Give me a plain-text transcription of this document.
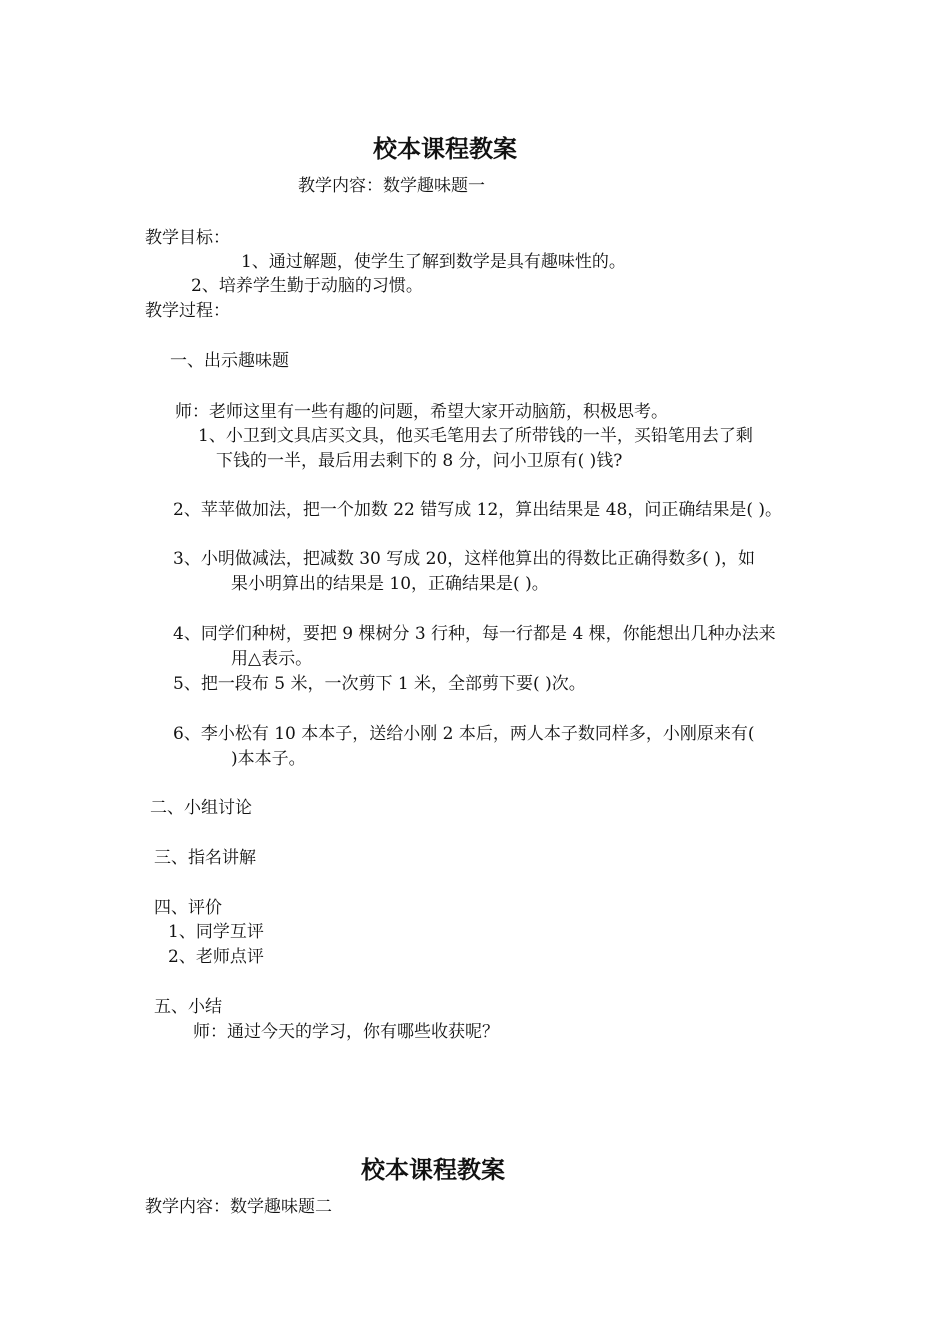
校本课程教案
教学内容：数学趣味题一
教学目标：
1、通过解题，使学生了解到数学是具有趣味性的。
2、培养学生勤于动脑的习惯。
教学过程：
一、出示趣味题
师：老师这里有一些有趣的问题，希望大家开动脑筋，积极思考。
1、小卫到文具店买文具，他买毛笔用去了所带钱的一半，买铅笔用去了剩
下钱的一半，最后用去剩下的 8 分，问小卫原有( )钱?
2、苹苹做加法，把一个加数 22 错写成 12，算出结果是 48，问正确结果是( )。
3、小明做减法，把减数 30 写成 20，这样他算出的得数比正确得数多( )，如
果小明算出的结果是 10，正确结果是( )。
4、同学们种树，要把 9 棵树分 3 行种，每一行都是 4 棵，你能想出几种办法来
用△表示。
5、把一段布 5 米，一次剪下 1 米，全部剪下要( )次。
6、李小松有 10 本本子，送给小刚 2 本后，两人本子数同样多，小刚原来有(
)本本子。
二、小组讨论
三、指名讲解
四、评价
1、同学互评
2、老师点评
五、小结
师：通过今天的学习，你有哪些收获呢？
校本课程教案
教学内容：数学趣味题二
